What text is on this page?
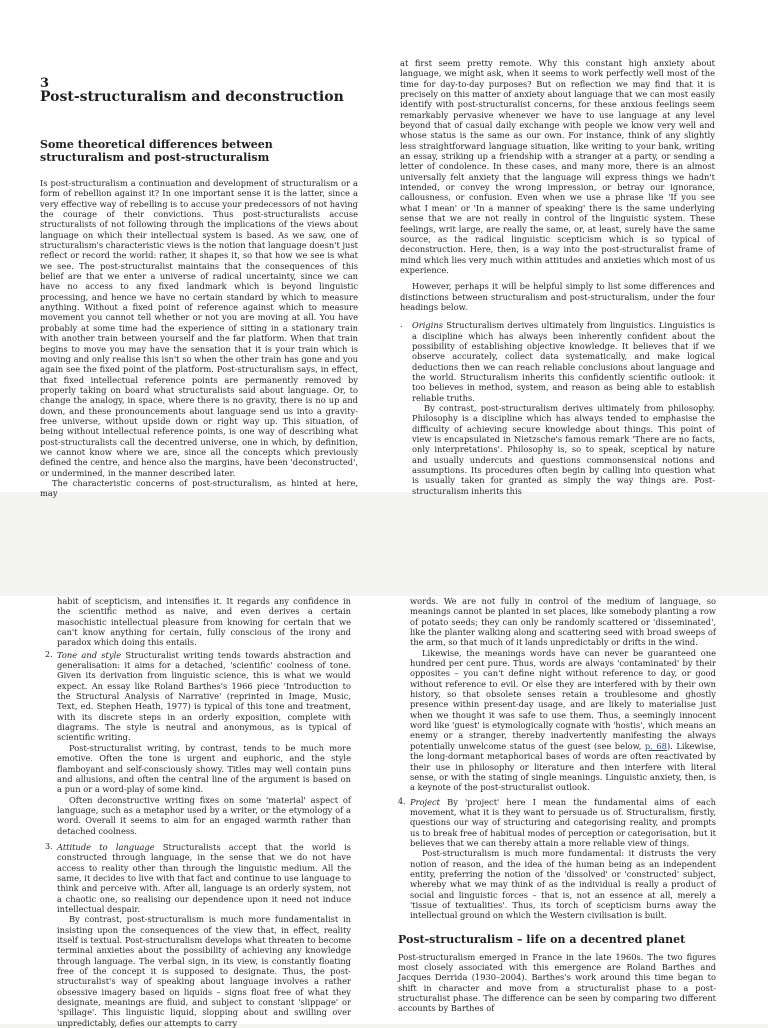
3
Post-structuralism and deconstruction
Some theoretical differences between structuralism and post-structuralism

Is post-structuralism a continuation and development of structuralism or a form of rebellion against it? In one important sense it is the latter, since a very effective way of rebelling is to accuse your predecessors of not having the courage of their convictions. Thus post-structuralists accuse structuralists of not following through the implications of the views about language on which their intellectual system is based. As we saw, one of structuralism's characteristic views is the notion that language doesn't just reflect or record the world: rather, it shapes it, so that how we see is what we see. The post-structuralist maintains that the consequences of this belief are that we enter a universe of radical uncertainty, since we can have no access to any fixed landmark which is beyond linguistic processing, and hence we have no certain standard by which to measure anything. Without a fixed point of reference against which to measure movement you cannot tell whether or not you are moving at all. You have probably at some time had the experience of sitting in a stationary train with another train between yourself and the far platform. When that train begins to move you may have the sensation that it is your train which is moving and only realise this isn't so when the other train has gone and you again see the fixed point of the platform. Post-structuralism says, in effect, that fixed intellectual reference points are permanently removed by properly taking on board what structuralists said about language. Or, to change the analogy, in space, where there is no gravity, there is no up and down, and these pronouncements about language send us into a gravity-free universe, without upside down or right way up. This situation, of being without intellectual reference points, is one way of describing what post-structuralists call the decentred universe, one in which, by definition, we cannot know where we are, since all the concepts which previously defined the centre, and hence also the margins, have been 'deconstructed', or undermined, in the manner described later.

The characteristic concerns of post-structuralism, as hinted at here, may

at first seem pretty remote. Why this constant high anxiety about language, we might ask, when it seems to work perfectly well most of the time for day-to-day purposes? But on reflection we may find that it is precisely on this matter of anxiety about language that we can most easily identify with post-structuralist concerns, for these anxious feelings seem remarkably pervasive whenever we have to use language at any level beyond that of casual daily exchange with people we know very well and whose status is the same as our own. For instance, think of any slightly less straightforward language situation, like writing to your bank, writing an essay, striking up a friendship with a stranger at a party, or sending a letter of condolence. In these cases, and many more, there is an almost universally felt anxiety that the language will express things we hadn't intended, or convey the wrong impression, or betray our ignorance, callousness, or confusion. Even when we use a phrase like 'If you see what I mean' or 'In a manner of speaking' there is the same underlying sense that we are not really in control of the linguistic system. These feelings, writ large, are really the same, or, at least, surely have the same source, as the radical linguistic scepticism which is so typical of deconstruction. Here, then, is a way into the post-structuralist frame of mind which lies very much within attitudes and anxieties which most of us experience.

However, perhaps it will be helpful simply to list some differences and distinctions between structuralism and post-structuralism, under the four headings below.

. Origins Structuralism derives ultimately from linguistics. Linguistics is a discipline which has always been inherently confident about the possibility of establishing objective knowledge. It believes that if we observe accurately, collect data systematically, and make logical deductions then we can reach reliable conclusions about language and the world. Structuralism inherits this confidently scientific outlook: it too believes in method, system, and reason as being able to establish reliable truths.

By contrast, post-structuralism derives ultimately from philosophy. Philosophy is a discipline which has always tended to emphasise the difficulty of achieving secure knowledge about things. This point of view is encapsulated in Nietzsche's famous remark 'There are no facts, only interpretations'. Philosophy is, so to speak, sceptical by nature and usually undercuts and questions commonsensical notions and assumptions. Its procedures often begin by calling into question what is usually taken for granted as simply the way things are. Post-structuralism inherits this

habit of scepticism, and intensifies it. It regards any confidence in the scientific method as naive, and even derives a certain masochistic intellectual pleasure from knowing for certain that we can't know anything for certain, fully conscious of the irony and paradox which doing this entails.

2. Tone and style Structuralist writing tends towards abstraction and generalisation: it aims for a detached, 'scientific' coolness of tone. Given its derivation from linguistic science, this is what we would expect. An essay like Roland Barthes's 1966 piece 'Introduction to the Structural Analysis of Narrative' (reprinted in Image, Music, Text, ed. Stephen Heath, 1977) is typical of this tone and treatment, with its discrete steps in an orderly exposition, complete with diagrams. The style is neutral and anonymous, as is typical of scientific writing.

Post-structuralist writing, by contrast, tends to be much more emotive. Often the tone is urgent and euphoric, and the style flamboyant and self-consciously showy. Titles may well contain puns and allusions, and often the central line of the argument is based on a pun or a word-play of some kind.

Often deconstructive writing fixes on some 'material' aspect of language, such as a metaphor used by a writer, or the etymology of a word. Overall it seems to aim for an engaged warmth rather than detached coolness.

3. Attitude to language Structuralists accept that the world is constructed through language, in the sense that we do not have access to reality other than through the linguistic medium. All the same, it decides to live with that fact and continue to use language to think and perceive with. After all, language is an orderly system, not a chaotic one, so realising our dependence upon it need not induce intellectual despair.

By contrast, post-structuralism is much more fundamentalist in insisting upon the consequences of the view that, in effect, reality itself is textual. Post-structuralism develops what threaten to become terminal anxieties about the possibility of achieving any knowledge through language. The verbal sign, in its view, is constantly floating free of the concept it is supposed to designate. Thus, the post-structuralist's way of speaking about language involves a rather obsessive imagery based on liquids – signs float free of what they designate, meanings are fluid, and subject to constant 'slippage' or 'spillage'. This linguistic liquid, slopping about and swilling over unpredictably, defies our attempts to carry

words. We are not fully in control of the medium of language, so meanings cannot be planted in set places, like somebody planting a row of potato seeds; they can only be randomly scattered or 'disseminated', like the planter walking along and scattering seed with broad sweeps of the arm, so that much of it lands unpredictably or drifts in the wind.

Likewise, the meanings words have can never be guaranteed one hundred per cent pure. Thus, words are always 'contaminated' by their opposites – you can't define night without reference to day, or good without reference to evil. Or else they are interfered with by their own history, so that obsolete senses retain a troublesome and ghostly presence within present-day usage, and are likely to materialise just when we thought it was safe to use them. Thus, a seemingly innocent word like 'guest' is etymologically cognate with 'hostis', which means an enemy or a stranger, thereby inadvertently manifesting the always potentially unwelcome status of the guest (see below, p. 68). Likewise, the long-dormant metaphorical bases of words are often reactivated by their use in philosophy or literature and then interfere with literal sense, or with the stating of single meanings. Linguistic anxiety, then, is a keynote of the post-structuralist outlook.

4. Project By 'project' here I mean the fundamental aims of each movement, what it is they want to persuade us of. Structuralism, firstly, questions our way of structuring and categorising reality, and prompts us to break free of habitual modes of perception or categorisation, but it believes that we can thereby attain a more reliable view of things.

Post-structuralism is much more fundamental: it distrusts the very notion of reason, and the idea of the human being as an independent entity, preferring the notion of the 'dissolved' or 'constructed' subject, whereby what we may think of as the individual is really a product of social and linguistic forces – that is, not an essence at all, merely a 'tissue of textualities'. Thus, its torch of scepticism burns away the intellectual ground on which the Western civilisation is built.

Post-structuralism – life on a decentred planet

Post-structuralism emerged in France in the late 1960s. The two figures most closely associated with this emergence are Roland Barthes and Jacques Derrida (1930–2004). Barthes's work around this time began to shift in character and move from a structuralist phase to a post-structuralist phase. The difference can be seen by comparing two different accounts by Barthes of
